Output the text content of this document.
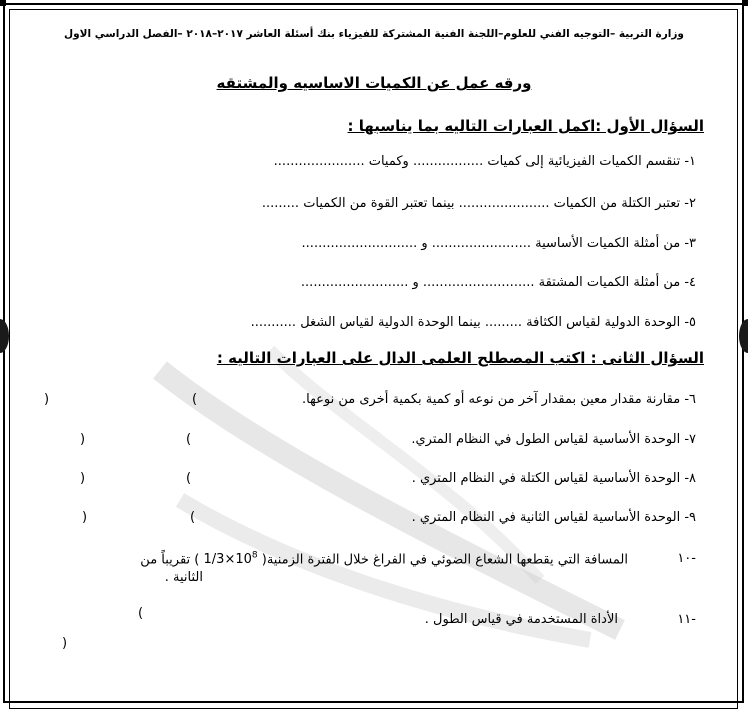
وزارة التربية –التوجيه الفني للعلوم–اللجنة الفنية المشتركة للفيزياء بنك أسئلة العاشر ٢٠١٧–٢٠١٨ –الفصل الدراسي الاول
ورقه عمل عن الكميات الاساسيه والمشتقه
السؤال الأول :اكمل العبارات التاليه بما يناسبها :
١- تنقسم الكميات الفيزيائية إلى كميات ................. وكميات ......................
٢- تعتبر الكتلة من الكميات ...................... بينما تعتبر القوة من الكميات .........
٣- من أمثلة الكميات الأساسية ........................ و ............................
٤- من أمثلة الكميات المشتقة ........................... و ..........................
٥- الوحدة الدولية لقياس الكثافة ......... بينما الوحدة الدولية لقياس الشغل ...........
السؤال الثانى : اكتب المصطلح العلمى الدال على العبارات التاليه :
٦- مقارنة مقدار معين بمقدار آخر من نوعه أو كمية بكمية أخرى من نوعها.
(
)
٧- الوحدة الأساسية لقياس الطول في النظام المتري.
(
)
٨- الوحدة الأساسية لقياس الكتلة في النظام المتري .
(
)
٩- الوحدة الأساسية لقياس الثانية في النظام المتري .
(
)
-١٠
المسافة التي يقطعها الشعاع الضوئي في الفراغ خلال الفترة الزمنية( $1/3\times 10^8$ ) تقريباً من
الثانية .
-١١
الأداة المستخدمة في قياس الطول .
(
)
